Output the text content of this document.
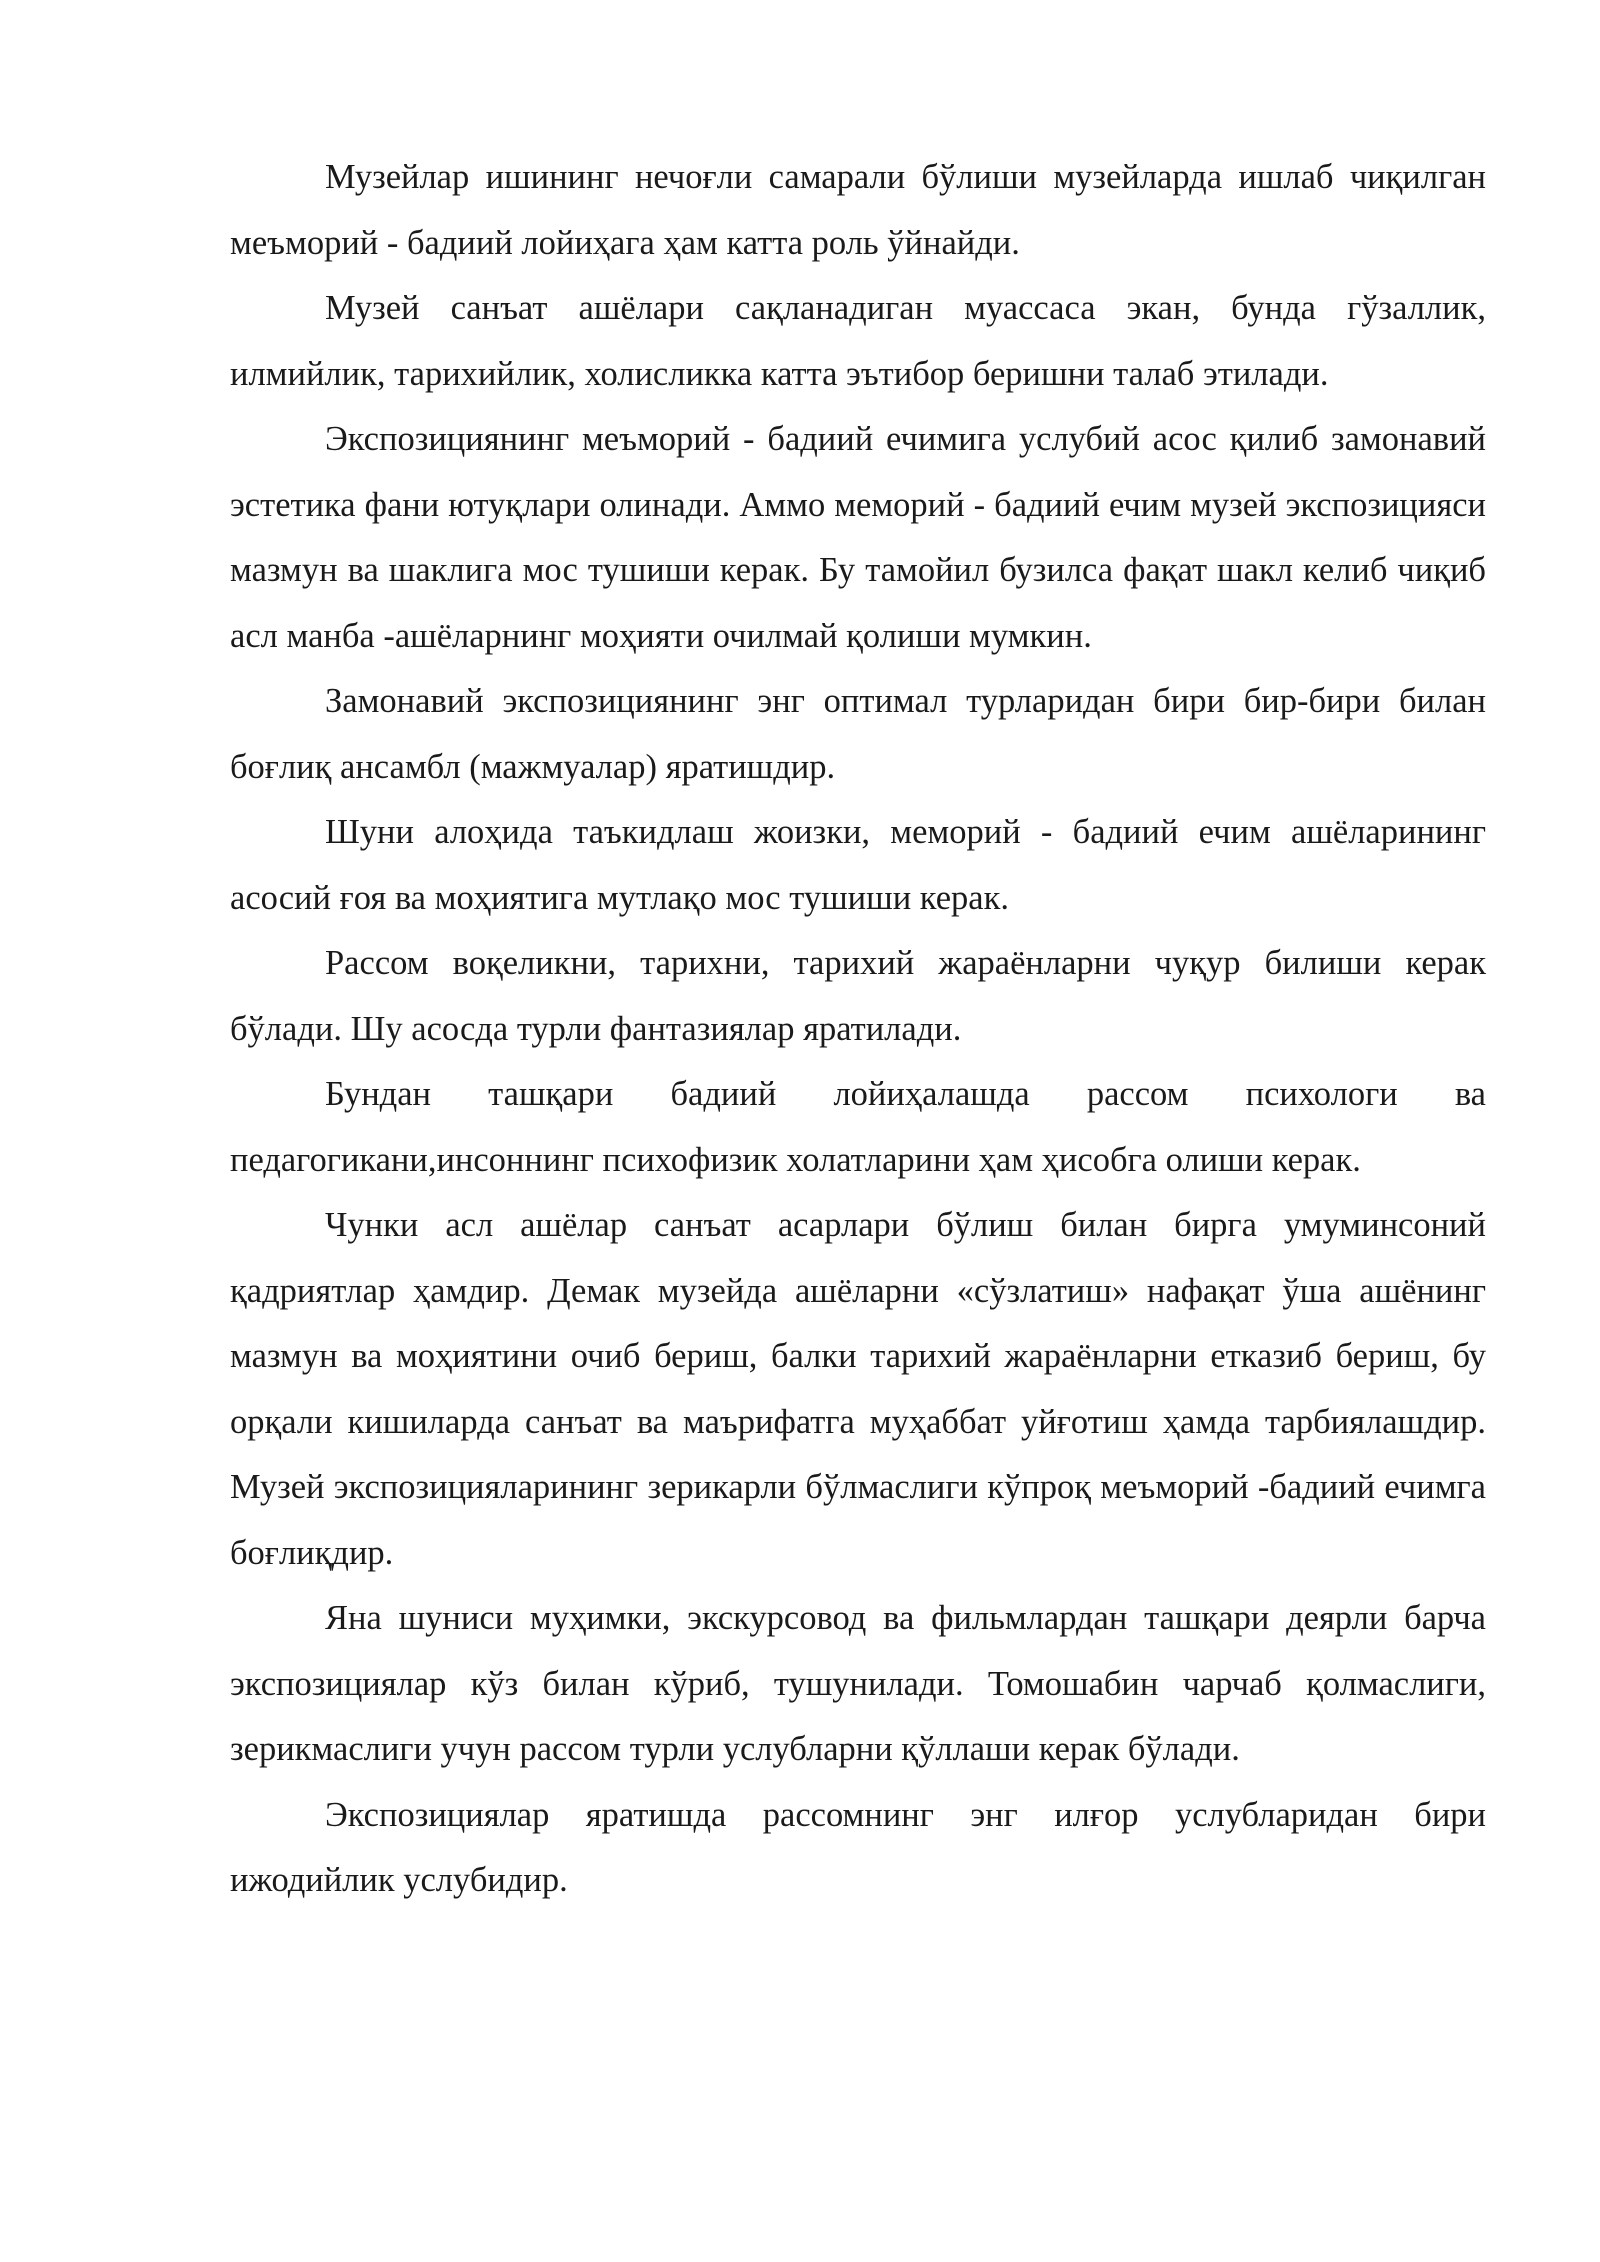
Музейлар ишининг нечоғли самарали бўлиши музейларда ишлаб чиқилган меъморий - бадиий лойиҳага ҳам катта роль ўйнайди.

Музей санъат ашёлари сақланадиган муассаса экан, бунда гўзаллик, илмийлик, тарихийлик, холисликка катта эътибор беришни талаб этилади.

Экспозициянинг меъморий - бадиий ечимига услубий асос қилиб замонавий эстетика фани ютуқлари олинади. Аммо меморий - бадиий ечим музей экспозицияси мазмун ва шаклига мос тушиши керак. Бу тамойил бузилса фақат шакл келиб чиқиб асл манба -ашёларнинг моҳияти очилмай қолиши мумкин.

Замонавий экспозициянинг энг оптимал турларидан бири бир-бири билан боғлиқ ансамбл (мажмуалар) яратишдир.

Шуни алоҳида таъкидлаш жоизки, меморий - бадиий ечим ашёларининг асосий ғоя ва моҳиятига мутлақо мос тушиши керак.

Рассом воқеликни, тарихни, тарихий жараёнларни чуқур билиши керак бўлади. Шу асосда турли фантазиялар яратилади.

Бундан ташқари бадиий лойиҳалашда рассом психологи ва педагогикани,инсоннинг психофизик холатларини ҳам ҳисобга олиши керак.

Чунки асл ашёлар санъат асарлари бўлиш билан бирга умуминсоний қадриятлар ҳамдир. Демак музейда ашёларни «сўзлатиш» нафақат ўша ашёнинг мазмун ва моҳиятини очиб бериш, балки тарихий жараёнларни етказиб бериш, бу орқали кишиларда санъат ва маърифатга муҳаббат уйғотиш ҳамда тарбиялашдир. Музей экспозицияларининг зерикарли бўлмаслиги кўпроқ меъморий -бадиий ечимга боғлиқдир.

Яна шуниси муҳимки, экскурсовод ва фильмлардан ташқари деярли барча экспозициялар кўз билан кўриб, тушунилади. Томошабин чарчаб қолмаслиги, зерикмаслиги учун рассом турли услубларни қўллаши керак бўлади.

Экспозициялар яратишда рассомнинг энг илғор услубларидан бири ижодийлик услубидир.
